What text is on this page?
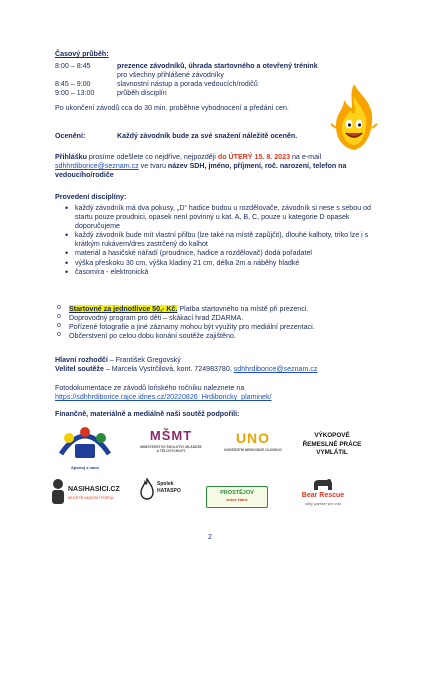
Časový průběh:
8:00 – 8:45	prezence závodníků, úhrada startovného a otevřený trénink
pro všechny přihlášené závodníky
8:45 – 9:00	slavnostní nástup a porada vedoucích/rodičů
9:00 – 13:00	průběh disciplín
Po ukončení závodů cca do 30 min. proběhne vyhodnocení a předání cen.
Ocenění:	Každý závodník bude za své snažení náležitě oceněn.
Přihlášku prosíme odešlete co nejdříve, nejpozději do ÚTERÝ 15. 8. 2023 na e-mail sdhhrdiborice@seznam.cz ve tvaru název SDH, jméno, příjmení, roč. narození, telefon na vedoucího/rodiče
Provedení disciplíny:
• každý závodník má dva pokusy, „D“ hadice budou u rozdělovače, závodník si nese s sebou od startu pouze proudnici, opasek není povinný u kat. A, B, C, pouze u kategorie D opasek doporučujeme
• každý závodník bude mít vlastní přilbu (lze také na místě zapůjčit), dlouhé kalhoty, triko lze i s krátkým rukávem/dres zastrčený do kalhot
• materiál a hasičské nářadí (proudnice, hadice a rozdělovač) dodá pořadatel
• výška přeskoku 30 cm, výška kladiny 21 cm, délka 2m a náběhy hladké
• časomíra - elektronická
o Startovné za jednotlivce 50,- Kč. Platba startovného na místě při prezenci.
o Doprovodný program pro děti – skákací hrad ZDARMA.
o Pořízené fotografie a jiné záznamy mohou být využity pro mediální prezentaci.
o Občerstvení po celou dobu konání soutěže zajištěno.
Hlavní rozhodčí – František Gregovský
Velitel soutěže – Marcela Vystrčilová, kont. 724983780, sdhhrdiborice@seznam.cz
Fotodokumentace ze závodů loňského ročníku naleznete na
https://sdhhrdiborice.rajce.idnes.cz/20220826_Hrdiboricky_plaminek/
Finančně, materiálně a mediálně naši soutěž podpořili:
Sportuj s námi
MŠMT
MINISTERSTVO ŠKOLSTVÍ, MLÁDEŽE A TĚLOVÝCHOVY
UNO
UNIVERZITNÍ NEMOCNICE OLOMOUC
VÝKOPOVÉ ŘEMESLNÉ PRÁCE VYMLÁTIL
NASIHASICI.CZ
NEJVĚTŠÍ HASIČSKÝ PORTÁL
Spolek
HATASPO	PROSTĚJOV
srdce Hané
Bear Rescue
silný partner pro vás
2
